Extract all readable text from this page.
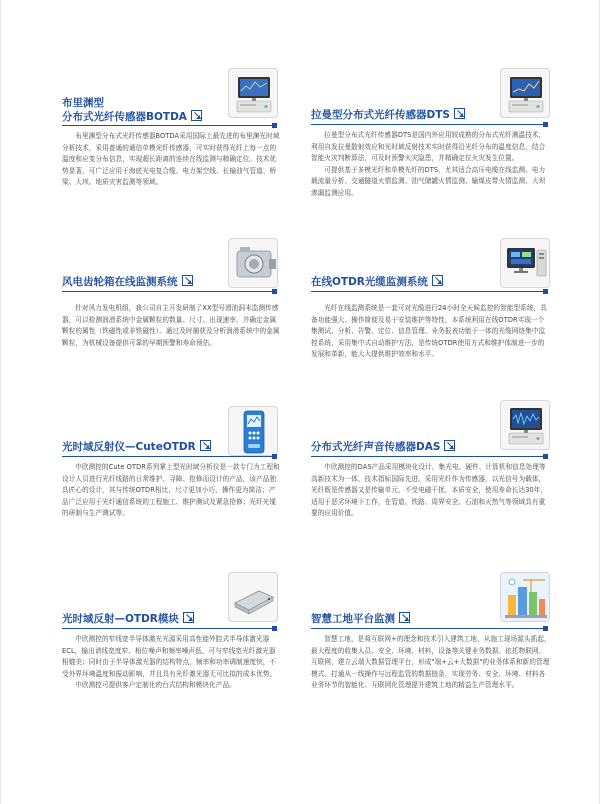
布里渊型
分布式光纤传感器BOTDA

布里渊型分布式光纤传感器BOTDA采用国际上最先进的布里渊光时域分析技术，采用普通的通信单模光纤传感器，可实时获得光纤上每一点的温度和应变分布信息，实现超长距离的连续在线监测与精确定位。技术优势显著，可广泛应用于海底光电复合缆、电力架空线、长输油气管道、桥梁、大坝、地质灾害监测等领域。

拉曼型分布式光纤传感器DTS

拉曼型分布式光纤传感器DTS是国内外应用较成熟的分布式光纤测温技术，利用自发拉曼散射效应和光时域反射技术实时获得沿光纤分布的温度信息，结合智能火灾判断算法，可及时预警火灾隐患，并精确定位火灾发生位置。

可提供基于多模光纤和单模光纤的DTS，尤其适合高压电缆在线监测、电力载流量分析、交通隧道火情监测、油气储罐火情监测、输煤皮带火情监测、大坝渗漏监测应用。

风电齿轮箱在线监测系统

针对风力发电机组，我公司自主开发研制了XX型号滑油洞末监测传感器，可以检测润滑系统中金属颗粒的数量、尺寸、出现速率，并确定金属颗粒的属性（铁磁性或非铁磁性）。通过及时捕获及分析润滑系统中的金属颗粒，为机械设备提供可靠的早期预警和寿命预估。

在线OTDR光缆监测系统

光纤在线监测系统是一套可对光缆进行24小时全天候监控的智能型系统，具备功能强大、操作简便及易于安装维护等特性，本系统利用在线OTDR实现一个集测试、分析、告警、定位、信息管理、业务报表功能于一体的光缆网络集中监控系统，采用集中式自动维护方法，是传统OTDR使用方式和维护体制进一步的发展和革新，能大大提供维护效率和水平。

光时域反射仪—CuteOTDR

中欣测控的Cute OTDR系列掌上型光时域分析仪是一款专门为工程和设计人员进行光纤线路的日常维护、寻障、抢修而设计的产品，该产品独具匠心的设计，其与传统OTDR相比，尺寸更加小巧，操作更为简洁；产品广泛应用于光纤通信系统的工程施工、维护测试及紧急抢修；光纤光缆的研制与生产测试等。

分布式光纤声音传感器DAS

中欣测控的DAS产品采用模块化设计，集光电、硬件、计算机和信息处理等高新技术为一体，技术指标国际先进。采用光纤作为传感器，以光信号为载体，光纤既是传感器又是传输单元，不受电磁干扰，本质安全，使用寿命长达30年，适用于恶劣环境下工作，在管道、铁路、周界安全、石油和天然气等领域具有重要的应用价值。

光时域反射—OTDR模块

中欣测控的窄线宽半导体激光光源采用高性能外腔式半导体激光器ECL，输出谱线宽度窄、相位噪声和频率噪声低，可与窄线宽光纤激光器相媲美；同时由于半导体激光器的结构特点，频率和功率调制速度快，不受外界环境温度和振动影响，并且具有光纤激光器无可比拟的成本优势。

中欣测控可提供客户定制化的台式结构和模块化产品。

智慧工地平台监测

智慧工地，是将互联网+的理念和技术引入建筑工地，从施工现场源头抓起，最大程度的收集人员、安全、环境、材料，设备等关键业务数据。依托物联网、互联网，建立云端大数据管理平台，形成"端+云+大数据"的业务体系和新的管理模式。打通从一线操作与远程监管的数据链条，实现劳务、安全、环境、材料各业务环节的智能化、互联网化管理提升建筑工地的精益生产管理水平。
